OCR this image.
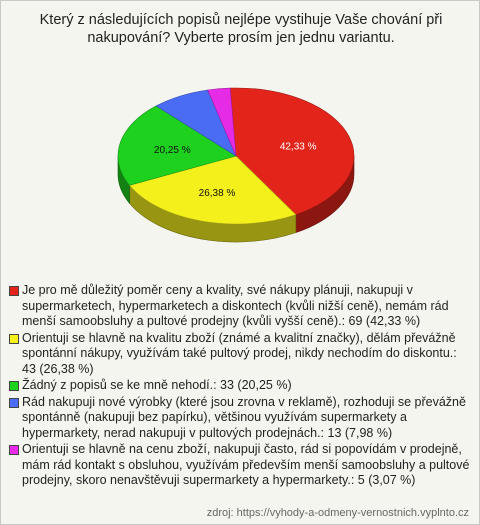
Který z následujících popisů nejlépe vystihuje Vaše chování při nakupování? Vyberte prosím jen jednu variantu.
42,33 %
26,38 %
20,25 %
Je pro mě důležitý poměr ceny a kvality, své nákupy plánuji, nakupuji v supermarketech, hypermarketech a diskontech (kvůli nižší ceně), nemám rád menší samoobsluhy a pultové prodejny (kvůli vyšší ceně).: 69 (42,33 %)
Orientuji se hlavně na kvalitu zboží (známé a kvalitní značky), dělám převážně spontánní nákupy, využívám také pultový prodej, nikdy nechodím do diskontu.: 43 (26,38 %)
Žádný z popisů se ke mně nehodí.: 33 (20,25 %)
Rád nakupuji nové výrobky (které jsou zrovna v reklamě), rozhoduji se převážně spontánně (nakupuji bez papírku), většinou využívám supermarkety a hypermarkety, nerad nakupuji v pultových prodejnách.: 13 (7,98 %)
Orientuji se hlavně na cenu zboží, nakupuji často, rád si popovídám v prodejně, mám rád kontakt s obsluhou, využívám především menší samoobsluhy a pultové prodejny, skoro nenavštěvuji supermarkety a hypermarkety.: 5 (3,07 %)
zdroj: https://vyhody-a-odmeny-vernostnich.vyplnto.cz
